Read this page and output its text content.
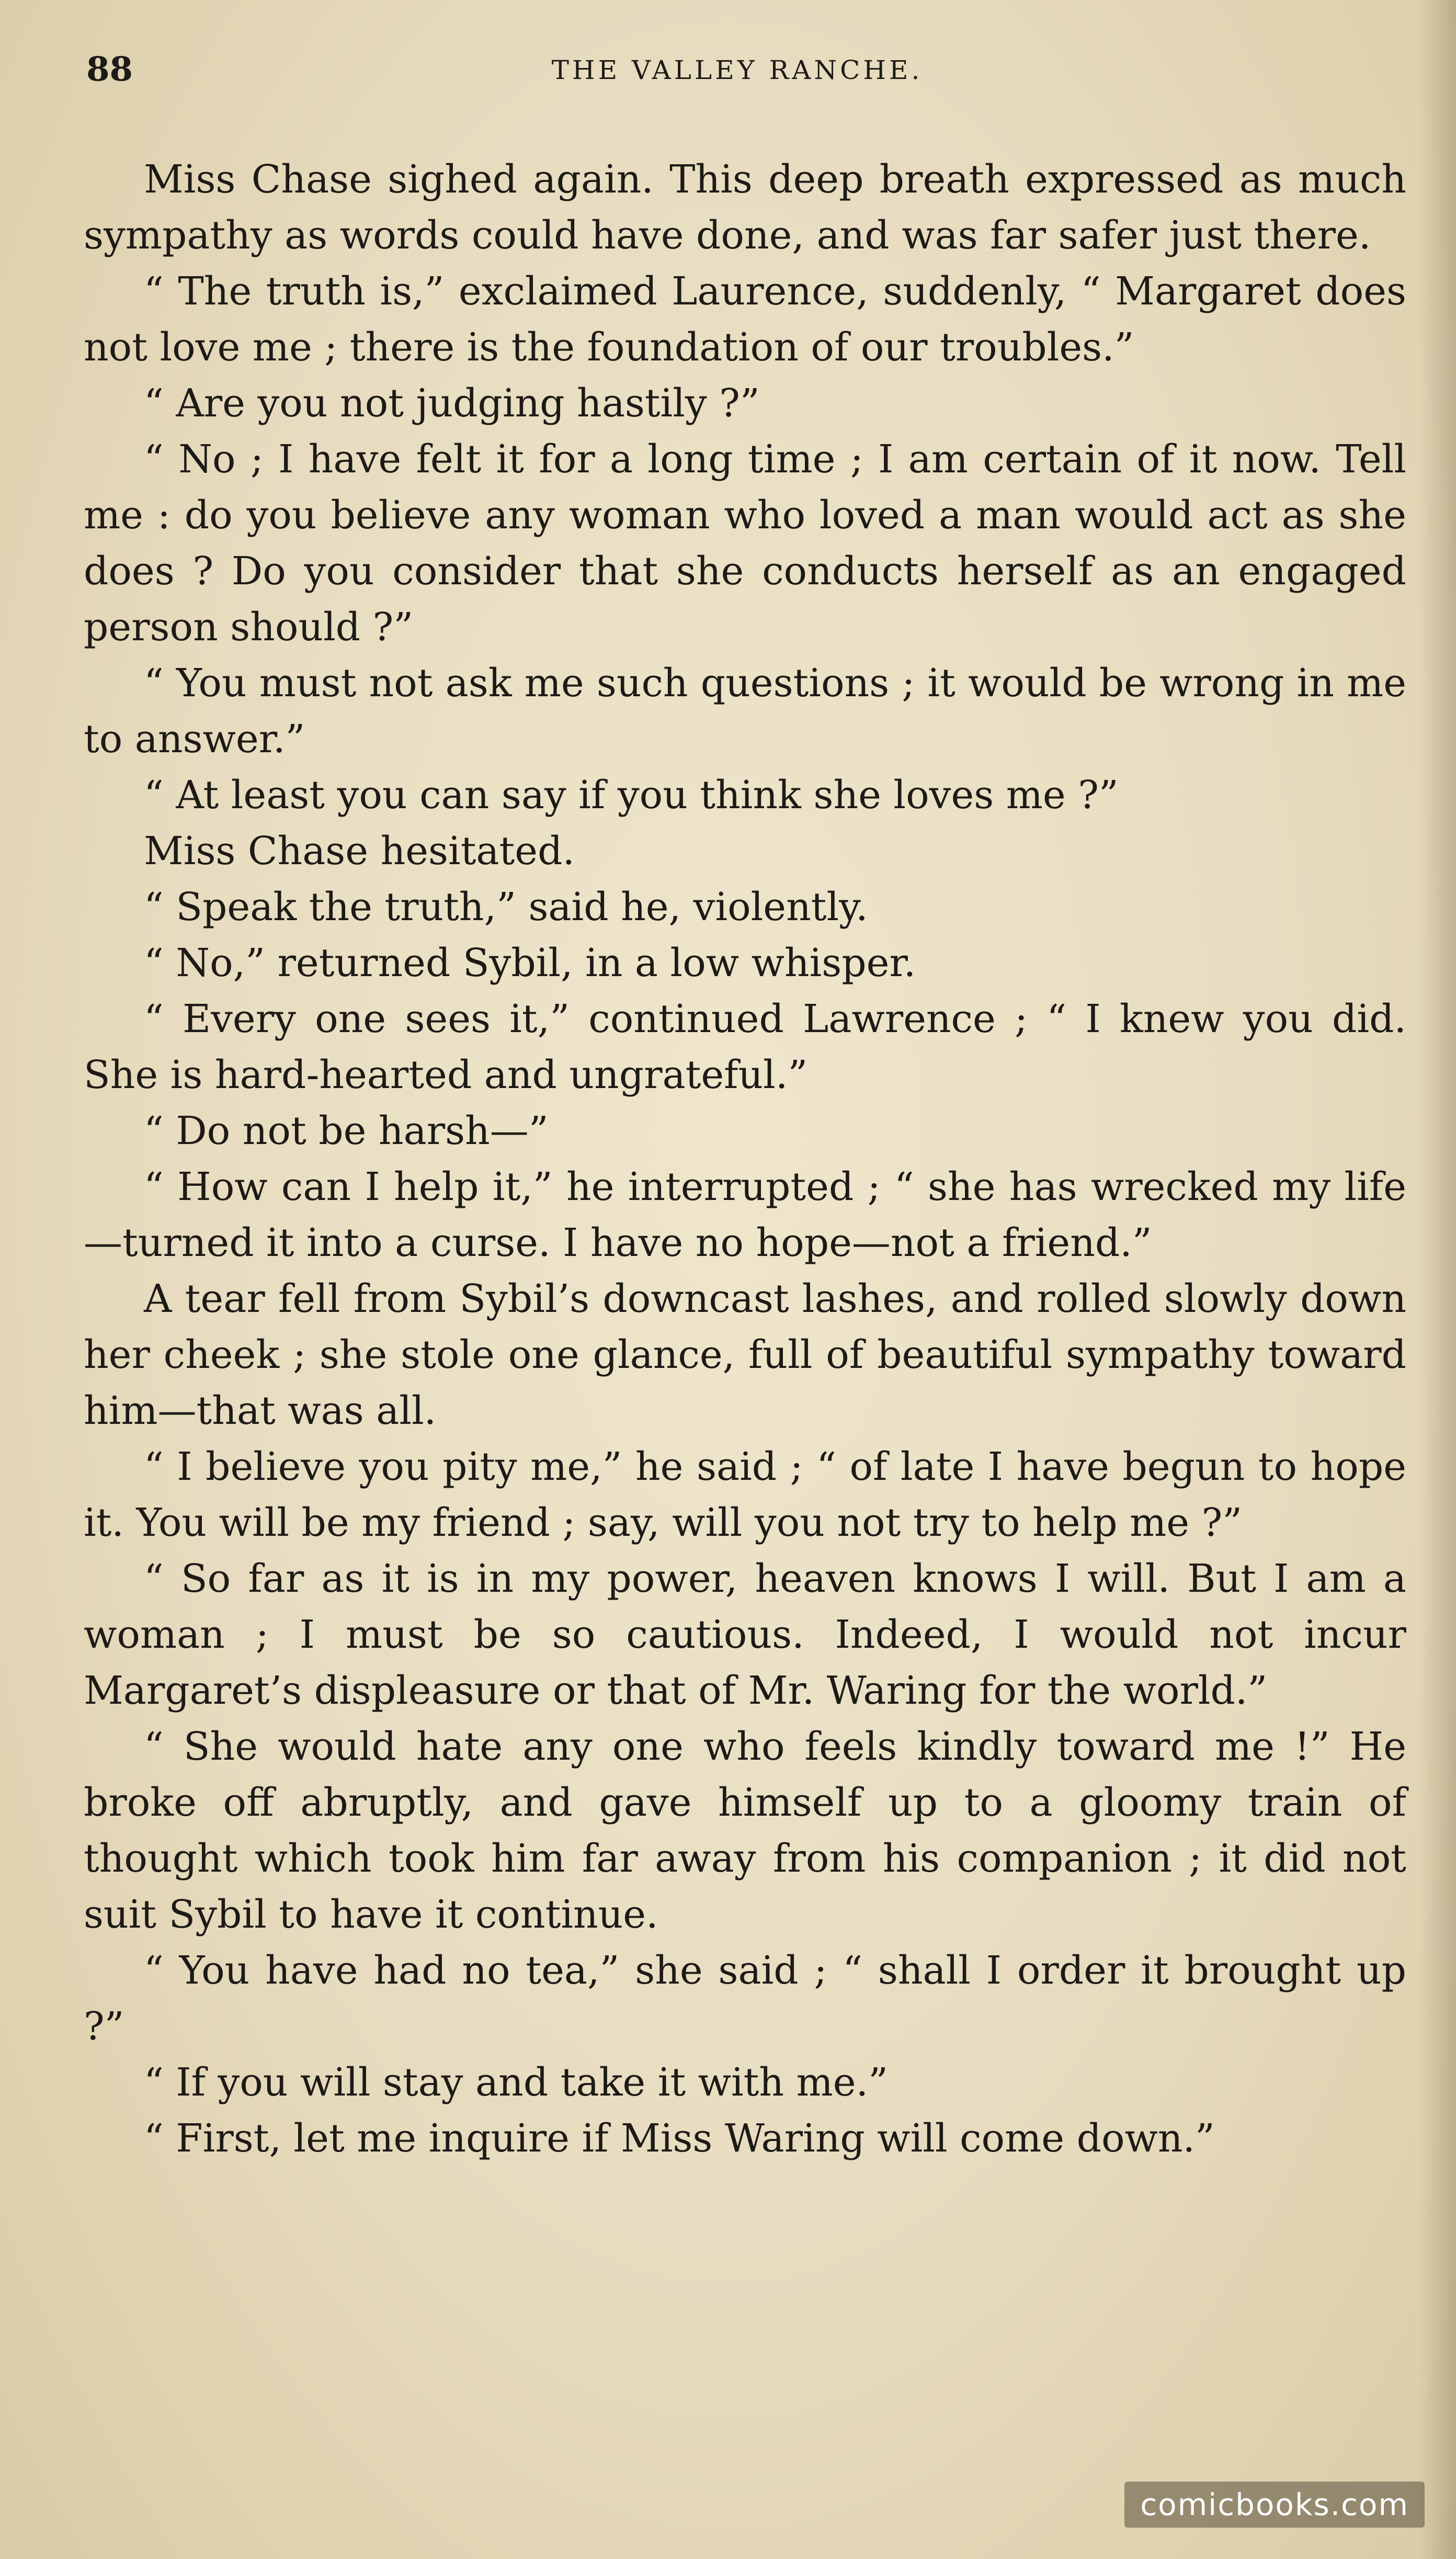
88	THE VALLEY RANCHE.

Miss Chase sighed again. This deep breath expressed as much sympathy as words could have done, and was far safer just there.

“ The truth is,” exclaimed Laurence, suddenly, “ Margaret does not love me ; there is the foundation of our troubles.”

“ Are you not judging hastily ?”

“ No ; I have felt it for a long time ; I am certain of it now. Tell me : do you believe any woman who loved a man would act as she does ? Do you consider that she conducts herself as an engaged person should ?”

“ You must not ask me such questions ; it would be wrong in me to answer.”

“ At least you can say if you think she loves me ?”

Miss Chase hesitated.

“ Speak the truth,” said he, violently.

“ No,” returned Sybil, in a low whisper.

“ Every one sees it,” continued Lawrence ; “ I knew you did. She is hard-hearted and ungrateful.”

“ Do not be harsh—”

“ How can I help it,” he interrupted ; “ she has wrecked my life—turned it into a curse. I have no hope—not a friend.”

A tear fell from Sybil’s downcast lashes, and rolled slowly down her cheek ; she stole one glance, full of beautiful sympathy toward him—that was all.

“ I believe you pity me,” he said ; “ of late I have begun to hope it. You will be my friend ; say, will you not try to help me ?”

“ So far as it is in my power, heaven knows I will. But I am a woman ; I must be so cautious. Indeed, I would not incur Margaret’s displeasure or that of Mr. Waring for the world.”

“ She would hate any one who feels kindly toward me !” He broke off abruptly, and gave himself up to a gloomy train of thought which took him far away from his companion ; it did not suit Sybil to have it continue.

“ You have had no tea,” she said ; “ shall I order it brought up ?”

“ If you will stay and take it with me.”

“ First, let me inquire if Miss Waring will come down.”

comicbooks.com
